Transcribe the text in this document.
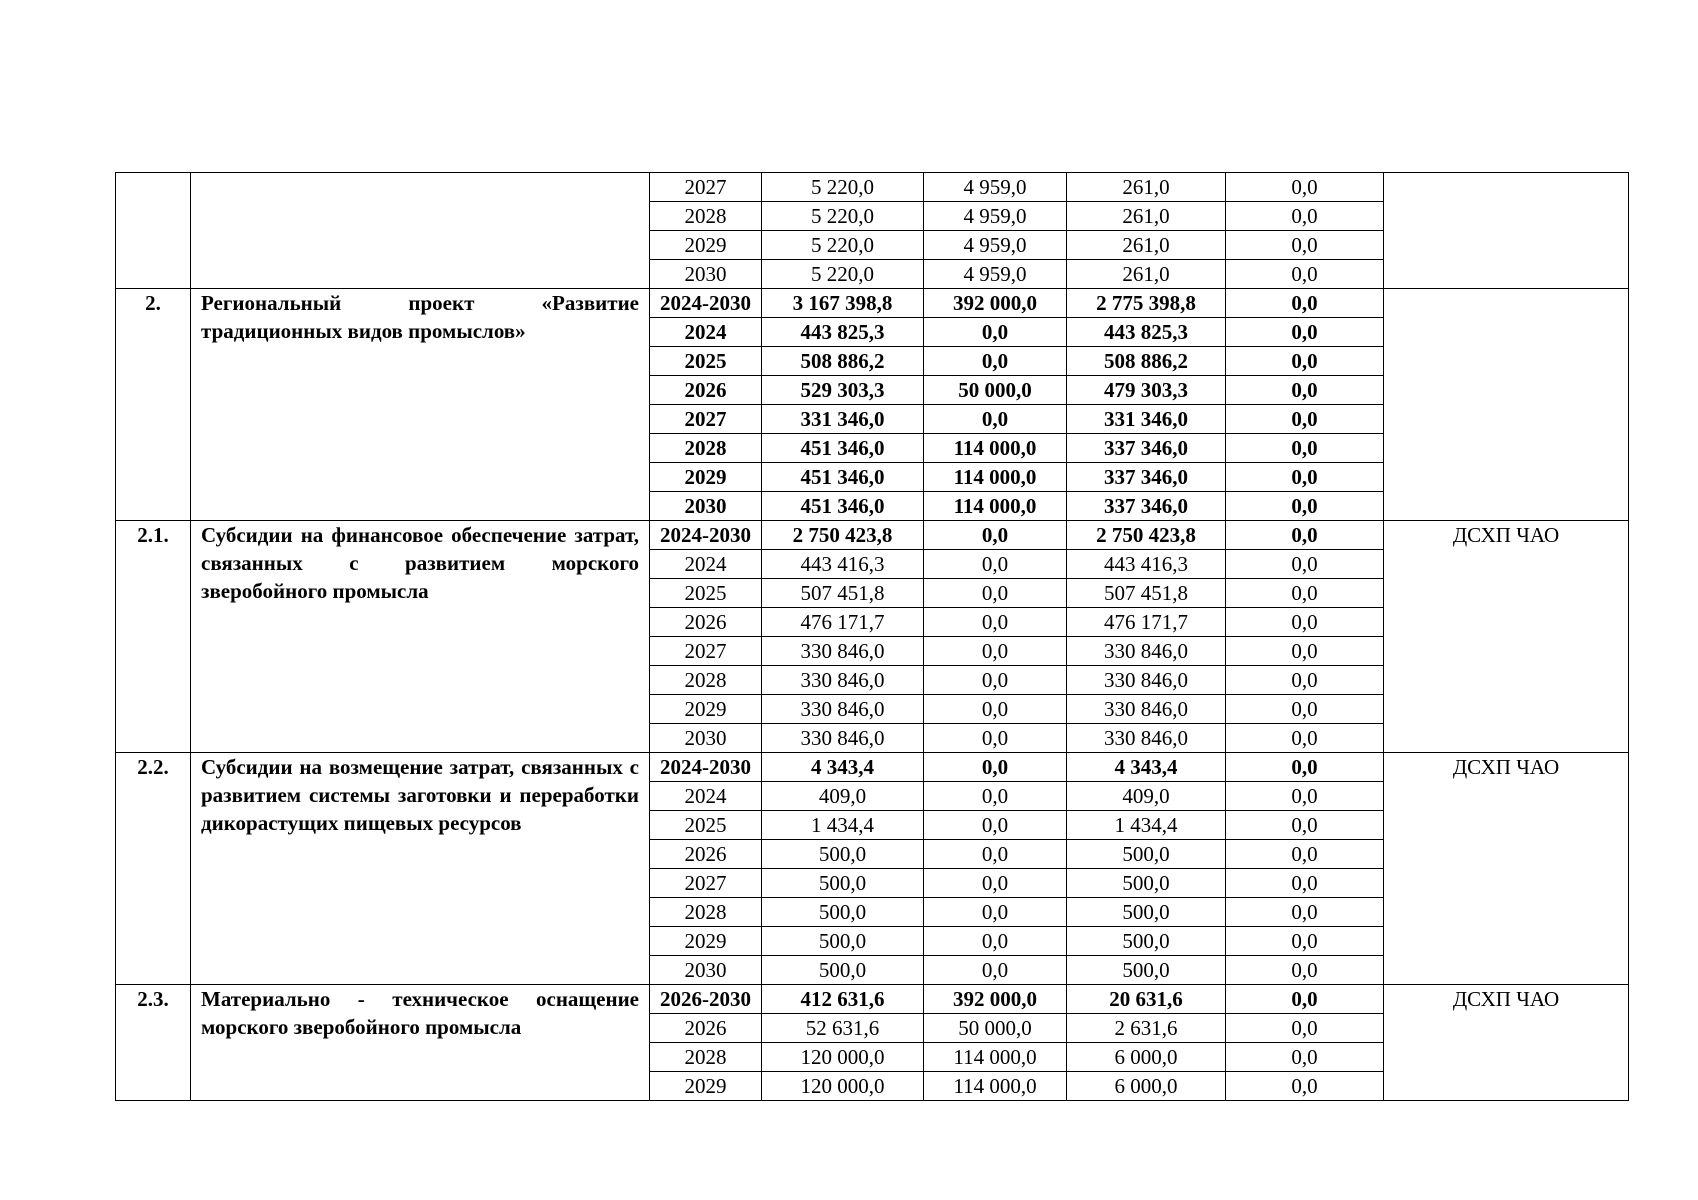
		2027	5 220,0	4 959,0	261,0	0,0	
		2028	5 220,0	4 959,0	261,0	0,0	
		2029	5 220,0	4 959,0	261,0	0,0	
		2030	5 220,0	4 959,0	261,0	0,0	
2.	Региональный проект «Развитие традиционных видов промыслов»	2024-2030	3 167 398,8	392 000,0	2 775 398,8	0,0	
		2024	443 825,3	0,0	443 825,3	0,0	
		2025	508 886,2	0,0	508 886,2	0,0	
		2026	529 303,3	50 000,0	479 303,3	0,0	
		2027	331 346,0	0,0	331 346,0	0,0	
		2028	451 346,0	114 000,0	337 346,0	0,0	
		2029	451 346,0	114 000,0	337 346,0	0,0	
		2030	451 346,0	114 000,0	337 346,0	0,0	
2.1.	Субсидии на финансовое обеспечение затрат, связанных с развитием морского зверобойного промысла	2024-2030	2 750 423,8	0,0	2 750 423,8	0,0	ДСХП ЧАО
		2024	443 416,3	0,0	443 416,3	0,0	
		2025	507 451,8	0,0	507 451,8	0,0	
		2026	476 171,7	0,0	476 171,7	0,0	
		2027	330 846,0	0,0	330 846,0	0,0	
		2028	330 846,0	0,0	330 846,0	0,0	
		2029	330 846,0	0,0	330 846,0	0,0	
		2030	330 846,0	0,0	330 846,0	0,0	
2.2.	Субсидии на возмещение затрат, связанных с развитием системы заготовки и переработки дикорастущих пищевых ресурсов	2024-2030	4 343,4	0,0	4 343,4	0,0	ДСХП ЧАО
		2024	409,0	0,0	409,0	0,0	
		2025	1 434,4	0,0	1 434,4	0,0	
		2026	500,0	0,0	500,0	0,0	
		2027	500,0	0,0	500,0	0,0	
		2028	500,0	0,0	500,0	0,0	
		2029	500,0	0,0	500,0	0,0	
		2030	500,0	0,0	500,0	0,0	
2.3.	Материально - техническое оснащение морского зверобойного промысла	2026-2030	412 631,6	392 000,0	20 631,6	0,0	ДСХП ЧАО
		2026	52 631,6	50 000,0	2 631,6	0,0	
		2028	120 000,0	114 000,0	6 000,0	0,0	
		2029	120 000,0	114 000,0	6 000,0	0,0	
